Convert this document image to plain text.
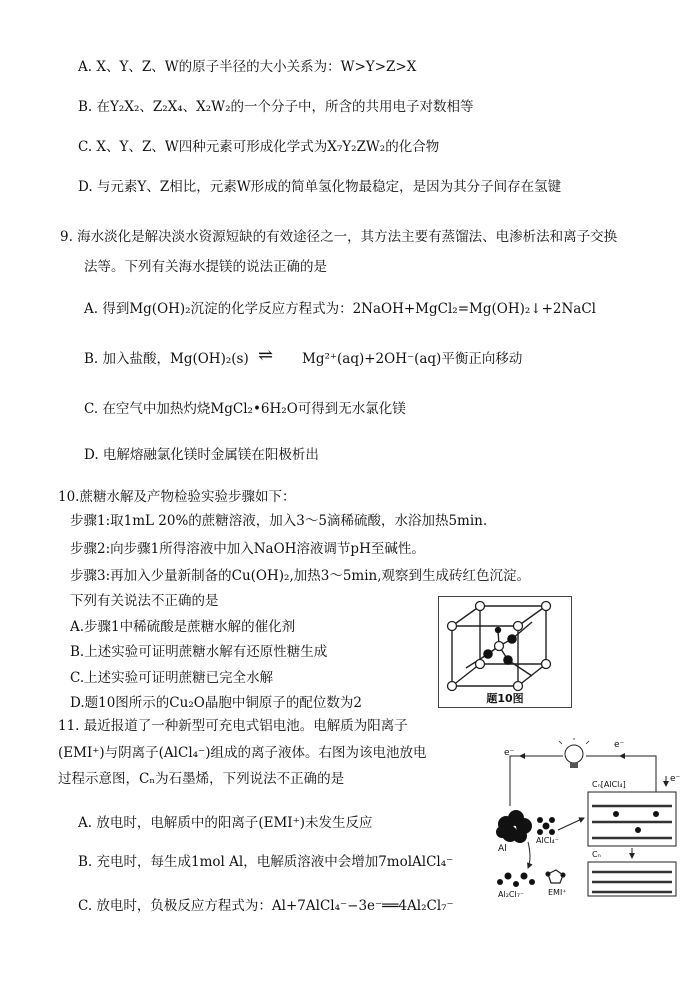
A. X、Y、Z、W的原子半径的大小关系为：W>Y>Z>X
B. 在Y₂X₂、Z₂X₄、X₂W₂的一个分子中，所含的共用电子对数相等
C. X、Y、Z、W四种元素可形成化学式为X₇Y₂ZW₂的化合物
D. 与元素Y、Z相比，元素W形成的简单氢化物最稳定，是因为其分子间存在氢键
9. 海水淡化是解决淡水资源短缺的有效途径之一，其方法主要有蒸馏法、电渗析法和离子交换
法等。下列有关海水提镁的说法正确的是
A. 得到Mg(OH)₂沉淀的化学反应方程式为：2NaOH+MgCl₂=Mg(OH)₂↓+2NaCl
B. 加入盐酸，Mg(OH)₂(s) ⇌ Mg²⁺(aq)+2OH⁻(aq)平衡正向移动
C. 在空气中加热灼烧MgCl₂•6H₂O可得到无水氯化镁
D. 电解熔融氯化镁时金属镁在阳极析出
10.蔗糖水解及产物检验实验步骤如下：
步骤1:取1mL 20%的蔗糖溶液，加入3～5滴稀硫酸，水浴加热5min.
步骤2:向步骤1所得溶液中加入NaOH溶液调节pH至碱性。
步骤3:再加入少量新制备的Cu(OH)₂,加热3～5min,观察到生成砖红色沉淀。
下列有关说法不正确的是
A.步骤1中稀硫酸是蔗糖水解的催化剂
B.上述实验可证明蔗糖水解有还原性糖生成
C.上述实验可证明蔗糖已完全水解
D.题10图所示的Cu₂O晶胞中铜原子的配位数为2	题10图
11. 最近报道了一种新型可充电式铝电池。电解质为阳离子
(EMI⁺)与阴离子(AlCl₄⁻)组成的离子液体。右图为该电池放电
过程示意图，Cₙ为石墨烯，下列说法不正确的是
A. 放电时，电解质中的阳离子(EMI⁺)未发生反应
B. 充电时，每生成1mol Al，电解质溶液中会增加7molAlCl₄⁻
C. 放电时，负极反应方程式为：Al+7AlCl₄⁻−3e⁻══4Al₂Cl₇⁻
e⁻
e⁻
e⁻
Al
Cₙ[AlCl₄]
AlCl₄⁻
Cₙ
Al₂Cl₇⁻	EMI⁺
